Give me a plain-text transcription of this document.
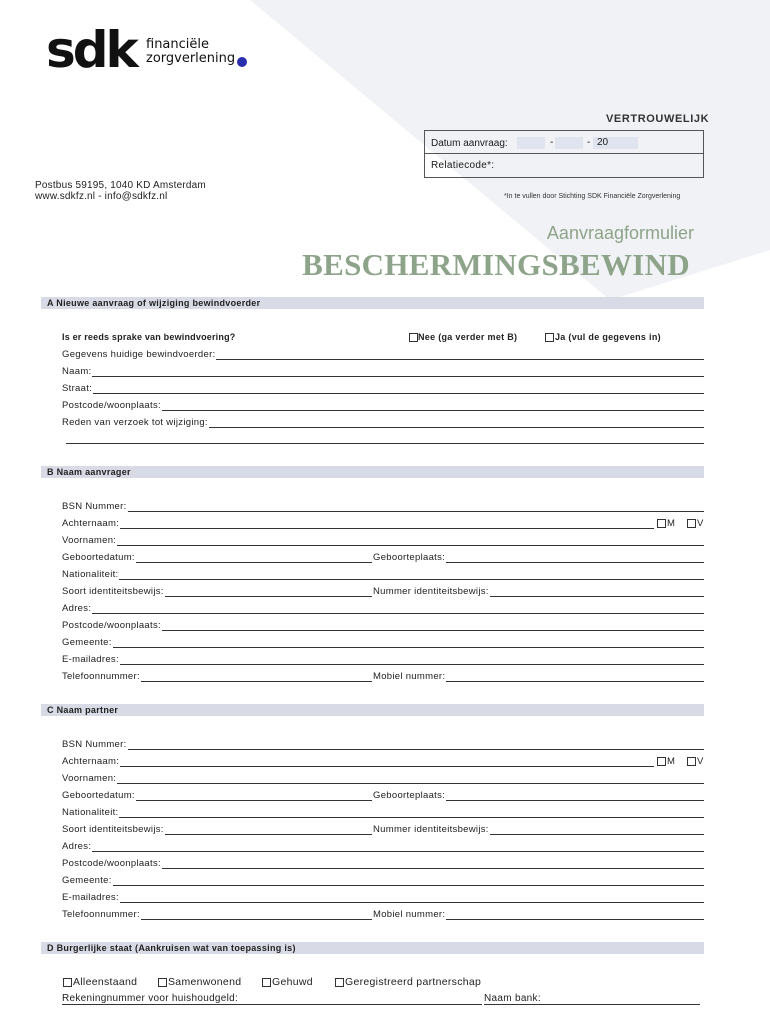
sdk financiële
zorgverlening
VERTROUWELIJK
Datum aanvraag:	-	- 20
Relatiecode*:
Postbus 59195, 1040 KD Amsterdam
www.sdkfz.nl - info@sdkfz.nl	*In te vullen door Stichting SDK Financiële Zorgverlening
Aanvraagformulier
BESCHERMINGSBEWIND
A Nieuwe aanvraag of wijziging bewindvoerder
Is er reeds sprake van bewindvoering?	Nee (ga verder met B)	Ja (vul de gegevens in)
Gegevens huidige bewindvoerder:
Naam:
Straat:
Postcode/woonplaats:
Reden van verzoek tot wijziging:
B Naam aanvrager
BSN Nummer:
Achternaam:	M V
Voornamen:
Geboortedatum:	Geboorteplaats:
Nationaliteit:
Soort identiteitsbewijs:	Nummer identiteitsbewijs:
Adres:
Postcode/woonplaats:
Gemeente:
E-mailadres:
Telefoonnummer:	Mobiel nummer:
C Naam partner
BSN Nummer:
Achternaam:	M V
Voornamen:
Geboortedatum:	Geboorteplaats:
Nationaliteit:
Soort identiteitsbewijs:	Nummer identiteitsbewijs:
Adres:
Postcode/woonplaats:
Gemeente:
E-mailadres:
Telefoonnummer:	Mobiel nummer:
D Burgerlijke staat (Aankruisen wat van toepassing is)
Alleenstaand	Samenwonend	Gehuwd	Geregistreerd partnerschap
Rekeningnummer voor huishoudgeld:	Naam bank:
